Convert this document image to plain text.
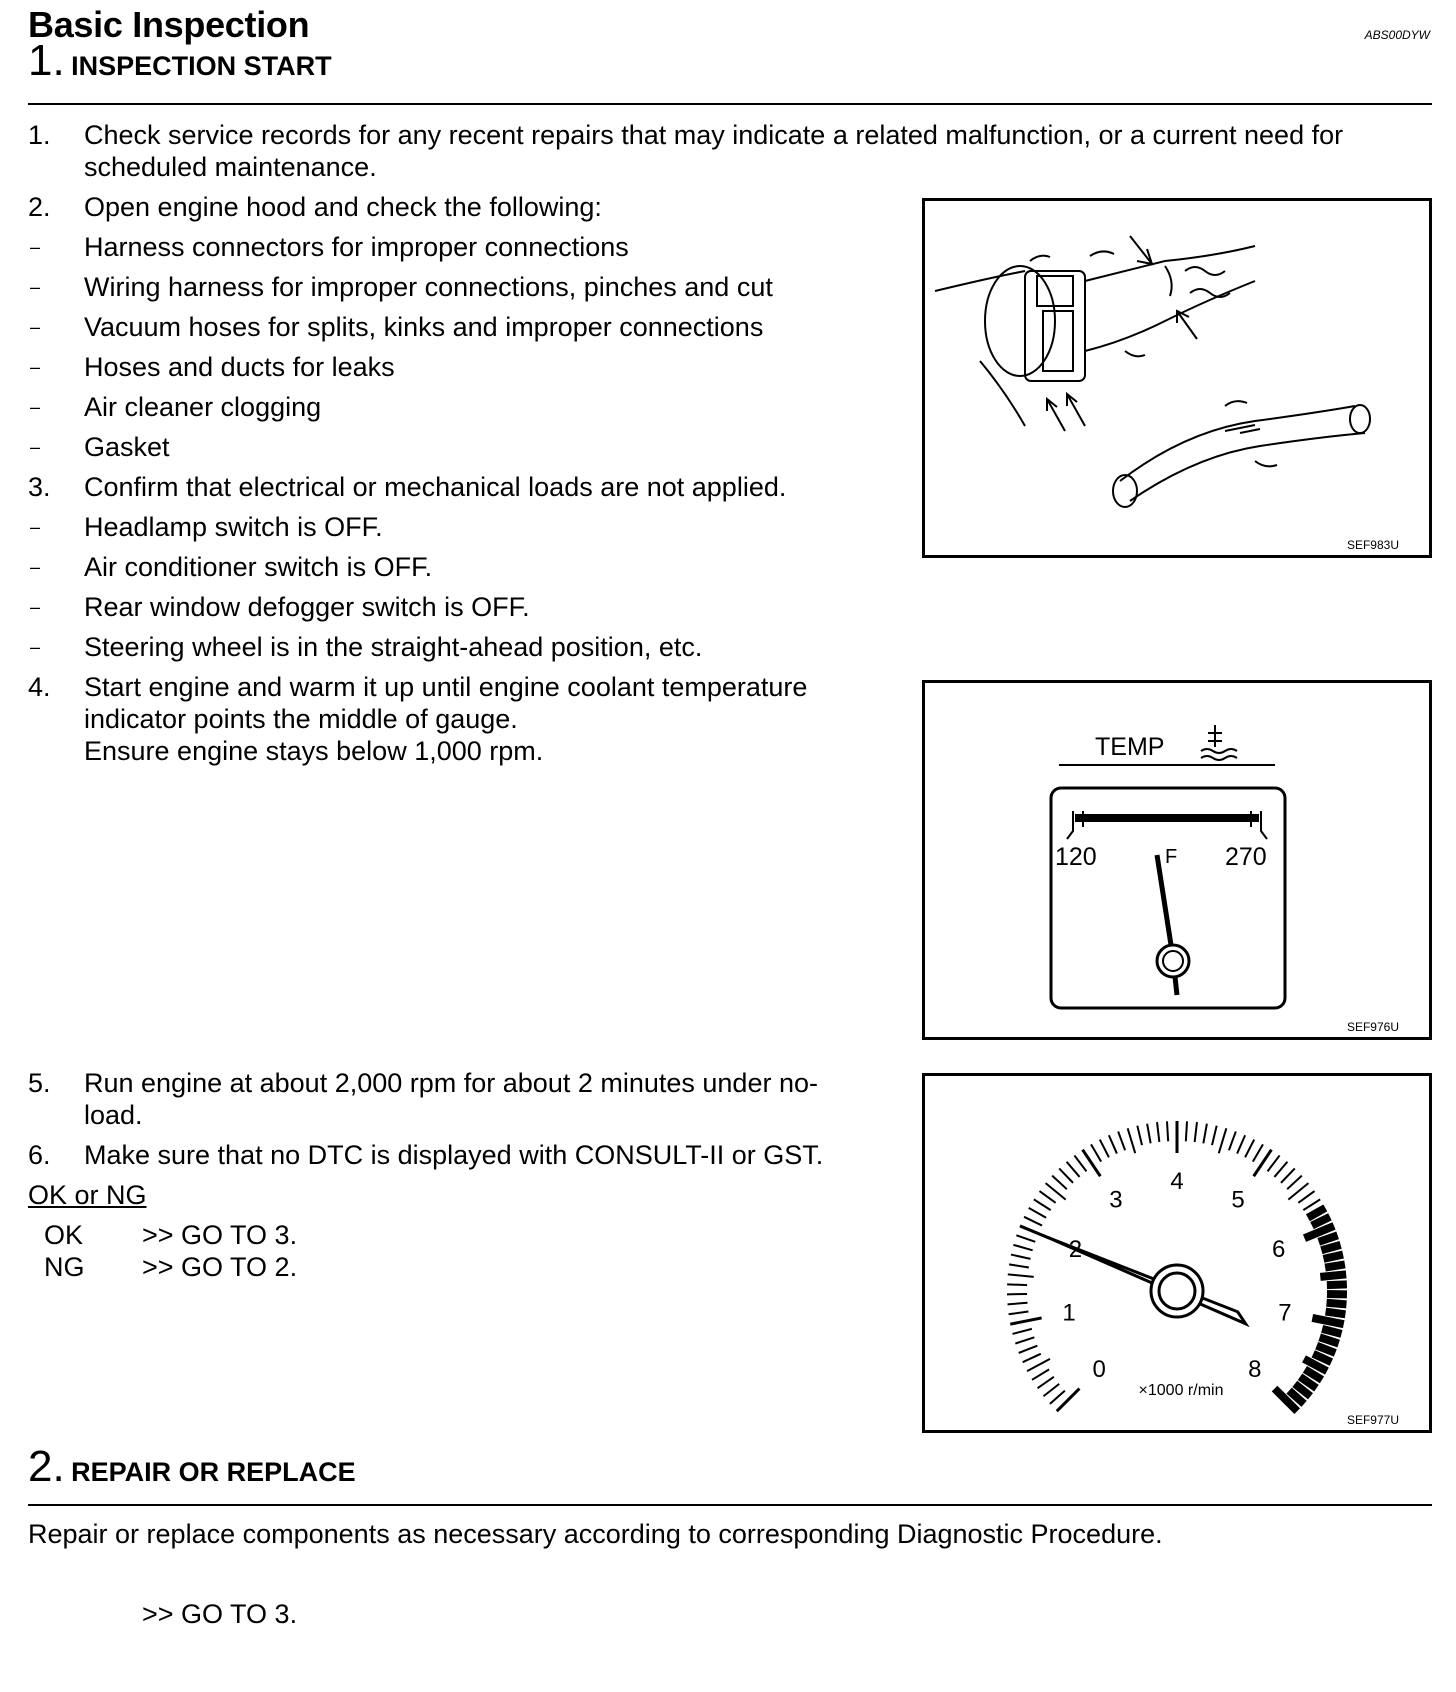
Basic Inspection	ABS00DYW
1. INSPECTION START
1. Check service records for any recent repairs that may indicate a related malfunction, or a current need for
scheduled maintenance.
2. Open engine hood and check the following:
– Harness connectors for improper connections
– Wiring harness for improper connections, pinches and cut
– Vacuum hoses for splits, kinks and improper connections
– Hoses and ducts for leaks
– Air cleaner clogging
– Gasket
3. Confirm that electrical or mechanical loads are not applied.
– Headlamp switch is OFF.
– Air conditioner switch is OFF.
– Rear window defogger switch is OFF.
– Steering wheel is in the straight-ahead position, etc.
4. Start engine and warm it up until engine coolant temperature
indicator points the middle of gauge.
Ensure engine stays below 1,000 rpm.
5. Run engine at about 2,000 rpm for about 2 minutes under no-
load.
6. Make sure that no DTC is displayed with CONSULT-II or GST.
OK or NG
OK >> GO TO 3.
NG >> GO TO 2.
SEF983U
F
TEMP
120	270
SEF976U
0
1
2
3
4
5
6
7
8
×1000 r/min
SEF977U
2. REPAIR OR REPLACE
Repair or replace components as necessary according to corresponding Diagnostic Procedure.
>> GO TO 3.
